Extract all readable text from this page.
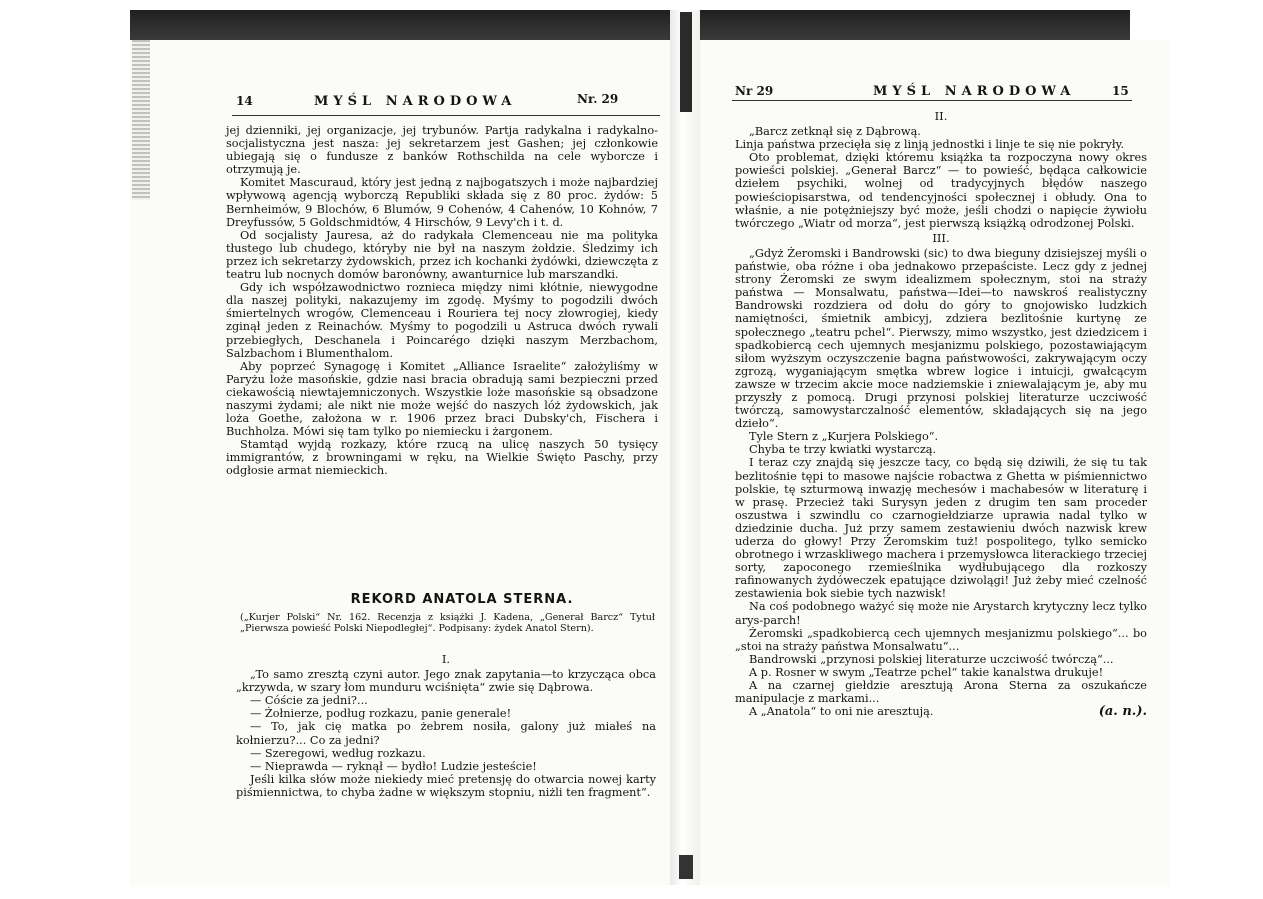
14	MYŚL NARODOWA	Nr. 29

jej dzienniki, jej organizacje, jej trybunów. Partja radykalna i radykalno-socjalistyczna jest nasza: jej sekretarzem jest Gashen; jej członkowie ubiegają się o fundusze z banków Rothschilda na cele wyborcze i otrzymują je.

Komitet Mascuraud, który jest jedną z najbogatszych i może najbardziej wpływową agencją wyborczą Republiki składa się z 80 proc. żydów: 5 Bernheimów, 9 Blochów, 6 Blumów, 9 Cohenów, 4 Cahenów, 10 Kohnów, 7 Dreyfussów, 5 Goldschmidtów, 4 Hirschów, 9 Levy'ch i t. d.

Od socjalisty Jauresa, aż do radykała Clemenceau nie ma polityka tłustego lub chudego, któryby nie był na naszym żołdzie. Śledzimy ich przez ich sekretarzy żydowskich, przez ich kochanki żydówki, dziewczęta z teatru lub nocnych domów baronówny, awanturnice lub marszandki.

Gdy ich współzawodnictwo roznieca między nimi kłótnie, niewygodne dla naszej polityki, nakazujemy im zgodę. Myśmy to pogodzili dwóch śmiertelnych wrogów, Clemenceau i Rouriera tej nocy złowrogiej, kiedy zginął jeden z Reinachów. Myśmy to pogodzili u Astruca dwóch rywali przebiegłych, Deschanela i Poincarégo dzięki naszym Merzbachom, Salzbachom i Blumenthalom.

Aby poprzeć Synagogę i Komitet „Alliance Israelite“ założyliśmy w Paryżu loże masońskie, gdzie nasi bracia obradują sami bezpieczni przed ciekawością niewtajemniczonych. Wszystkie loże masońskie są obsadzone naszymi żydami; ale nikt nie może wejść do naszych lóż żydowskich, jak loża Goethe, założona w r. 1906 przez braci Dubsky'ch, Fischera i Buchholza. Mówi się tam tylko po niemiecku i żargonem.

Stamtąd wyjdą rozkazy, które rzucą na ulicę naszych 50 tysięcy immigrantów, z browningami w ręku, na Wielkie Święto Paschy, przy odgłosie armat niemieckich.

REKORD ANATOLA STERNA.
(„Kurjer Polski“ Nr. 162. Recenzja z książki J. Kadena, „Generał Barcz“ Tytuł „Pierwsza powieść Polski Niepodległej“. Podpisany: żydek Anatol Stern).

I.

„To samo zresztą czyni autor. Jego znak zapytania—to krzycząca obca „krzywda, w szary łom munduru wciśnięta“ zwie się Dąbrowa.

— Cóście za jedni?...

— Żołnierze, podług rozkazu, panie generale!

— To, jak cię matka po żebrem nosiła, galony już miałeś na kołnierzu?... Co za jedni?

— Szeregowi, według rozkazu.

— Nieprawda — ryknął — bydło! Ludzie jesteście!

Jeśli kilka słów może niekiedy mieć pretensję do otwarcia nowej karty piśmiennictwa, to chyba żadne w większym stopniu, niżli ten fragment“.

Nr 29	MYŚL NARODOWA	15

II.

„Barcz zetknął się z Dąbrową.

Linja państwa przecięła się z linją jednostki i linje te się nie pokryły.

Oto problemat, dzięki któremu książka ta rozpoczyna nowy okres powieści polskiej. „Generał Barcz“ — to powieść, będąca całkowicie dziełem psychiki, wolnej od tradycyjnych błędów naszego powieściopisarstwa, od tendencyjności społecznej i obłudy. Ona to właśnie, a nie potężniejszy być może, jeśli chodzi o napięcie żywiołu twórczego „Wiatr od morza“, jest pierwszą książką odrodzonej Polski.

III.

„Gdyż Żeromski i Bandrowski (sic) to dwa bieguny dzisiejszej myśli o państwie, oba różne i oba jednakowo przepaściste. Lecz gdy z jednej strony Żeromski ze swym idealizmem społecznym, stoi na straży państwa — Monsalwatu, państwa—Idei—to nawskroś realistyczny Bandrowski rozdziera od dołu do góry to gnojowisko ludzkich namiętności, śmietnik ambicyj, zdziera bezlitośnie kurtynę ze społecznego „teatru pchel“. Pierwszy, mimo wszystko, jest dziedzicem i spadkobiercą cech ujemnych mesjanizmu polskiego, pozostawiającym siłom wyższym oczyszczenie bagna państwowości, zakrywającym oczy zgrozą, wyganiającym smętka wbrew logice i intuicji, gwałcącym zawsze w trzecim akcie moce nadziemskie i zniewalającym je, aby mu przyszły z pomocą. Drugi przynosi polskiej literaturze uczciwość twórczą, samowystarczalność elementów, składających się na jego dzieło“.

Tyle Stern z „Kurjera Polskiego“.

Chyba te trzy kwiatki wystarczą.

I teraz czy znajdą się jeszcze tacy, co będą się dziwili, że się tu tak bezlitośnie tępi to masowe najście robactwa z Ghetta w piśmiennictwo polskie, tę szturmową inwazję mechesów i machabesów w literaturę i w prasę. Przecież taki Surysyn jeden z drugim ten sam proceder oszustwa i szwindlu co czarnogiełdziarze uprawia nadal tylko w dziedzinie ducha. Już przy samem zestawieniu dwóch nazwisk krew uderza do głowy! Przy Żeromskim tuż! pospolitego, tylko semicko obrotnego i wrzaskliwego machera i przemysłowca literackiego trzeciej sorty, zapoconego rzemieślnika wydłubującego dla rozkoszy rafinowanych żydóweczek epatujące dziwolągi! Już żeby mieć czelność zestawienia bok siebie tych nazwisk!

Na coś podobnego ważyć się może nie Arystarch krytyczny lecz tylko arys-parch!

Żeromski „spadkobiercą cech ujemnych mesjanizmu polskiego“... bo „stoi na straży państwa Monsalwatu“...

Bandrowski „przynosi polskiej literaturze uczciwość twórczą“...

A p. Rosner w swym „Teatrze pchel“ takie kanalstwa drukuje!

A na czarnej giełdzie aresztują Arona Sterna za oszukańcze manipulacje z markami...

A „Anatola“ to oni nie aresztują.	(a. n.).
